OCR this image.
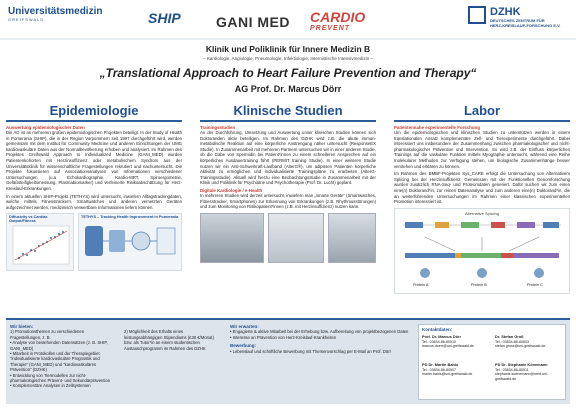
Universitätsmedizin
GREIFSWALD	SHIP	GANI MED CARDIO
PREVENT
DZHK
DEUTSCHES ZENTRUM FÜR
HERZ-KREISLAUF-FORSCHUNG E.V.
Klinik und Poliklinik für Innere Medizin B
– Kardiologie, Angiologie, Pneumologie, Infektiologie, Internistische Intensivmedizin –
„Translational Approach to Heart Failure Prevention and Therapy“
AG Prof. Dr. Marcus Dörr
Epidemiologie
Auswertung epidemiologischer Daten

Die AG ist an mehreren großen epidemiologischen Projekten beteiligt. In der Study of Health in Pomerania (SHIP), die in der Region Vorpommern seit 1997 durchgeführt wird, werden gemeinsam mit dem Institut für Community Medicine und anderen Einrichtungen der UMG kardiovaskuläre Daten aus der Normalbevölkerung erhoben und analysiert. Im Rahmen des Projektes Greifswald Approach to Individualized Medicine (GANI_MED) wurden Patientenkohorten mit Herzinsuffizienz oder metabolischem Syndrom aus der Universitätsklinik für wissenschaftliche Fragestellungen rekrutiert und nachuntersucht. Die Projekte fokussieren auf Assoziationsanalysen von Informationen verschiedener Untersuchungen (u.a Echokardiographie, Kardio-MRT, Spiroergometrie, Gefäßsteifigkeitsmessung, Plasmabiomarker) und verfeinerte Risikoabschätzung für Herz-Kreislauf-Erkrankungen.

In einem aktuellen SHIP-Projekt (TETHYS) wird untersucht, inwiefern Alltagstrackingdaten, welche mittels Fitnesstrackern, Smartwatches und anderen vernetzten Geräten aufgezeichnet werden, medizinisch verwertbare Informationen liefern können.

Diffusivity vs Cardiac Output/Fitness
TETHYS – Tracking Health Improvement in Pomerania
Klinische Studien
Trainingsstudien

An der Durchführung, Umsetzung und Auswertung unser klinischen Studien können sich Doktoranden aktiv beteiligen. Im Rahmen des DZHK wird z.B. die akute immun-metabolische Reaktion auf eine körperliche Anstrengung näher untersucht (ResponseEX Studie). In Zusammenarbeit mit mehreren Partnern untersuchen wir in einer anderen Studie, ob die Gabe von Spermidin bei Patient*innen zu einem schnelleren Ansprechen auf ein körperliches Ausdauertraining führt (PERMIT training Studie). In einer weiteren Studie nutzen wir ein Anti-Schwerkraft-Laufband (AlterG®), um adipösen Patienten körperliche Aktivität zu ermöglichen und individualisierte Trainingspläne zu erarbeiten (AlterG-Trainingsstudie). Aktuell wird hierzu eine Beobachtungsstudie in Zusammenarbeit mit der Klinik und Poliklinik für Psychiatrie und Psychotherapie (Prof. Dr. Lucht) geplant.

Digitale Kardiologie / e-Health

In mehreren Studien wird derzeit untersucht, inwiefern man „smarte Geräte“ (Smartwatches, Fitnesstracker, Smartphones) zur Erkennung von Erkrankungen (z.B. Rhythmusstörungen) und zum Monitoring von Risikopatient*innen (z.B. mit Herzinsuffizienz) nutzen kann.

Labor
Patientennahe experimentelle Forschung

Um die epidemiologischen und klinischen Studien zu unterstützen werden in einem translationalen Ansatz komplementäre Zell- und Tierexperimente durchgeführt. Dabei interessiert uns insbesondere der Zusammenhang zwischen pharmakologischer und nicht-pharmakologischer Prävention und Intervention. So wird z.B. der Einfluss körperlichen Trainings auf die vaskuläre Funktion mittels Myographie untersucht, während eine Reihe molekularer Methoden zur Verfügung stehen, um biologische Zusammenhänge besser verstehen und erklären zu können.

Im Rahmen des BMBF-Projektes Sys_CARE erfolgt die Untersuchung von Alternativem Splicing bei der Herzinsuffizienz. Gemeinsam mit der Funktionellen Genomforschung wurden zusätzlich RNA-Seq- und Proteomdaten generiert. Dafür suchen wir zum einen eine(n) Doktorand*in, zur reinen Datenanalyse und zum anderen eine(n) Doktorand*in, die an weiterführenden Untersuchungen im Rahmen einer klassischen experimentellen Promotion interessiert ist.

Alternative Splicing
Protein A	Protein B	Protein C
Wir bieten:
1) Promotionsthemen zu verschiedenen Fragestellungen, z. B.
• Analyse von bestehenden Datensätzen (z. B. SHIP, GANI_MED)
• Mitarbeit in Protokollen und der Therapiegebiet "individualisierte kardiovaskuläre Prognostik und Therapie" (GANI_MED) und "kardiovaskuläres Prävention" (DZHK)
• Entwicklung von Tiermodellen zur nicht-pharmakologischen Prävent- und Sekundärprävention
• Komplementäre Analysen in Zellsystemen
2) Möglichkeit des Erhalts eines leistungsabhängigen Stipendiums (£30 €/Monat) bzw. als Tutor*in an einem studentischen Austauschprogramm im Rahmen des DZHK
Wir erwarten:
• Engagierte & aktive Mitarbeit bei der Erhebung bzw. Aufbereitung von projektbezogenen Daten
• Interesse an Prävention von Herz-Kreislauf-Krankheiten
Bewerbung:
• Lebenslauf und schriftliche Bewerbung mit Themenvorschlag per E-Mail an Prof. Dörr
Kontaktdaten:
Prof. Dr. Marcus Dörr
Tel.: 03834-86-80510
marcus.doerr@uni-greifswald.de
Dr. Stefan Groß
Tel.: 03834-86-80603
stefan.gross@uni-greifswald.de
PD Dr. Martin Bahls
Tel.: 03834-86-80507
martin.bahls@uni-greifswald.de
PD Dr. Stephanie Könemann
Tel.: 03834-86-80511
stephanie.koenemann@med.uni-greifswald.de
